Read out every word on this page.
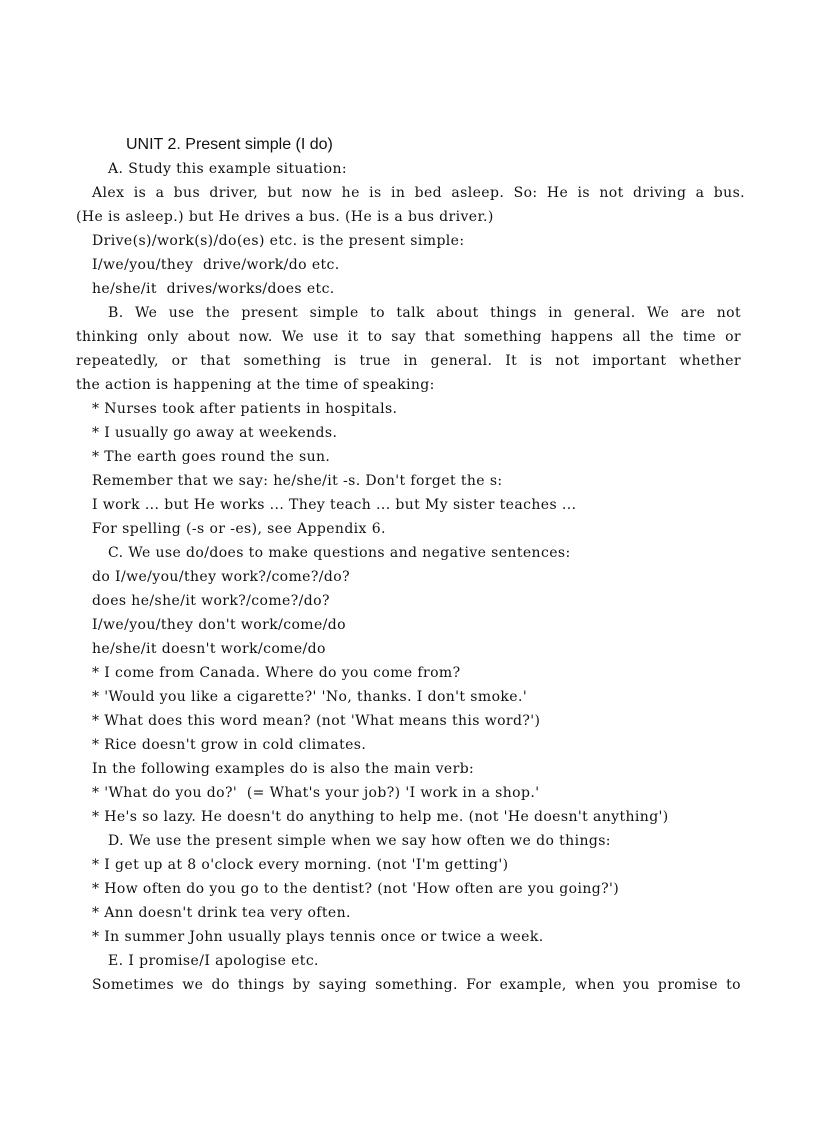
UNIT 2. Present simple (I do)
A. Study this example situation:
Alex is a bus driver, but now he is in bed asleep. So: He is not driving a bus.
(He is asleep.) but He drives a bus. (He is a bus driver.)
Drive(s)/work(s)/do(es) etc. is the present simple:
I/we/you/they  drive/work/do etc.
he/she/it  drives/works/does etc.
B. We use the present simple to talk about things in general. We are not
thinking only about now. We use it to say that something happens all the time or
repeatedly, or that something is true in general. It is not important whether
the action is happening at the time of speaking:
* Nurses took after patients in hospitals.
* I usually go away at weekends.
* The earth goes round the sun.
Remember that we say: he/she/it -s. Don't forget the s:
I work ... but He works ... They teach ... but My sister teaches ...
For spelling (-s or -es), see Appendix 6.
C. We use do/does to make questions and negative sentences:
do I/we/you/they work?/come?/do?
does he/she/it work?/come?/do?
I/we/you/they don't work/come/do
he/she/it doesn't work/come/do
* I come from Canada. Where do you come from?
* 'Would you like a cigarette?' 'No, thanks. I don't smoke.'
* What does this word mean? (not 'What means this word?')
* Rice doesn't grow in cold climates.
In the following examples do is also the main verb:
* 'What do you do?'  (= What's your job?) 'I work in a shop.'
* He's so lazy. He doesn't do anything to help me. (not 'He doesn't anything')
D. We use the present simple when we say how often we do things:
* I get up at 8 o'clock every morning. (not 'I'm getting')
* How often do you go to the dentist? (not 'How often are you going?')
* Ann doesn't drink tea very often.
* In summer John usually plays tennis once or twice a week.
E. I promise/I apologise etc.
Sometimes we do things by saying something. For example, when you promise to
